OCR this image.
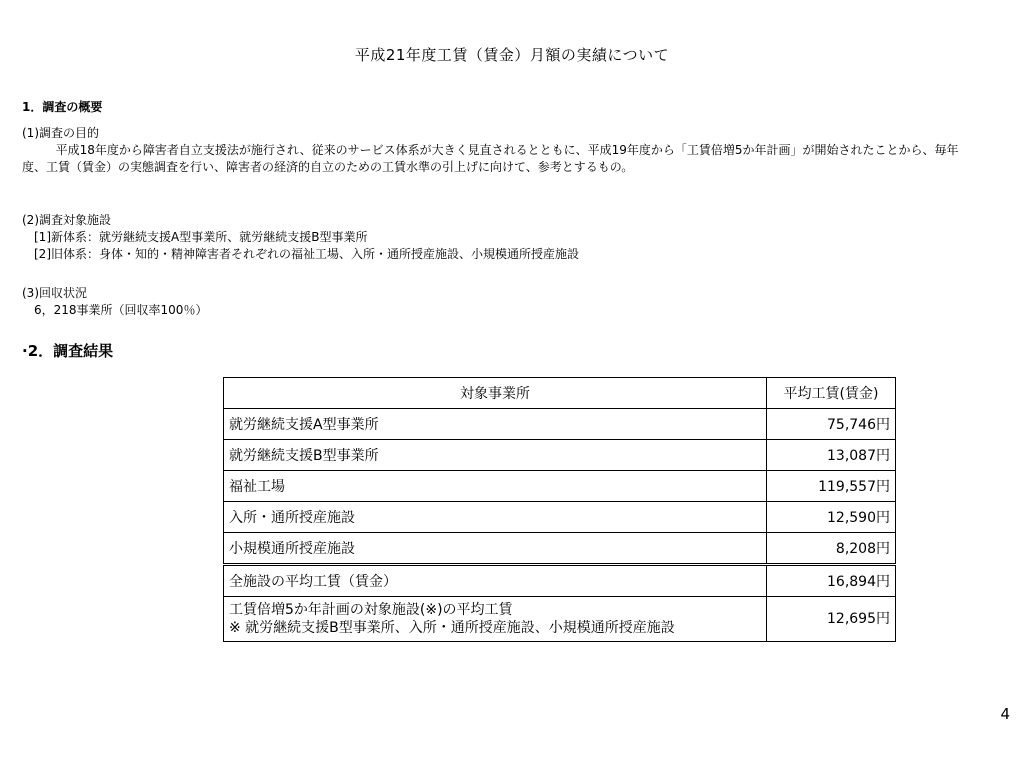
平成21年度工賃（賃金）月額の実績について
1．調査の概要

(1)調査の目的

平成18年度から障害者自立支援法が施行され、従来のサービス体系が大きく見直されるとともに、平成19年度から「工賃倍増5か年計画」が開始されたことから、毎年度、工賃（賃金）の実態調査を行い、障害者の経済的自立のための工賃水準の引上げに向けて、参考とするもの。

(2)調査対象施設

[1]新体系：就労継続支援A型事業所、就労継続支援B型事業所

[2]旧体系：身体・知的・精神障害者それぞれの福祉工場、入所・通所授産施設、小規模通所授産施設

(3)回収状況

6，218事業所（回収率100％）

·2．調査結果
対象事業所	平均工賃(賃金)
就労継続支援A型事業所	75,746円
就労継続支援B型事業所	13,087円
福祉工場	119,557円
入所・通所授産施設	12,590円
小規模通所授産施設	8,208円
全施設の平均工賃（賃金）	16,894円

工賃倍増5か年計画の対象施設(※)の平均工賃
※ 就労継続支援B型事業所、入所・通所授産施設、小規模通所授産施設	12,695円
4
